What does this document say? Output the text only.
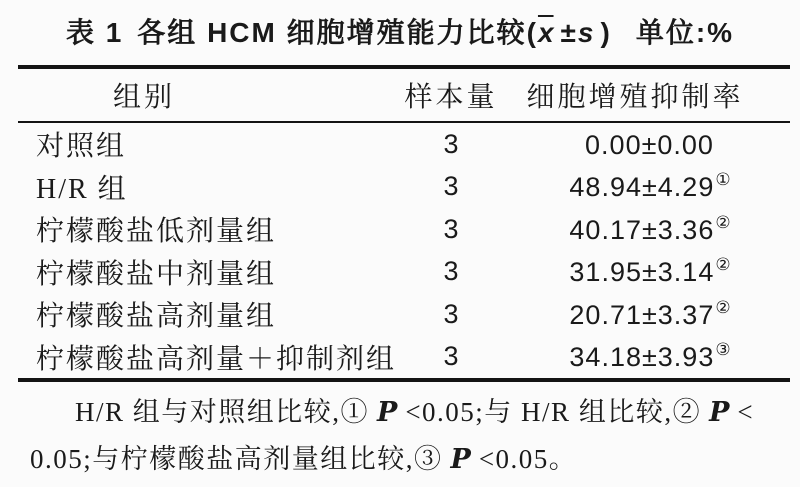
表 1 各组 HCM 细胞增殖能力比较($\overline{x} \pm s$ ) 单位:%
组别	样本量	细胞增殖抑制率
对照组	3	0.00±0.00
H/R 组	3	48.94±4.29①
柠檬酸盐低剂量组	3	40.17±3.36②
柠檬酸盐中剂量组	3	31.95±3.14②
柠檬酸盐高剂量组	3	20.71±3.37②
柠檬酸盐高剂量＋抑制剂组	3	34.18±3.93③
H/R 组与对照组比较,① P <0.05;与 H/R 组比较,② P <
0.05;与柠檬酸盐高剂量组比较,③ P <0.05。
